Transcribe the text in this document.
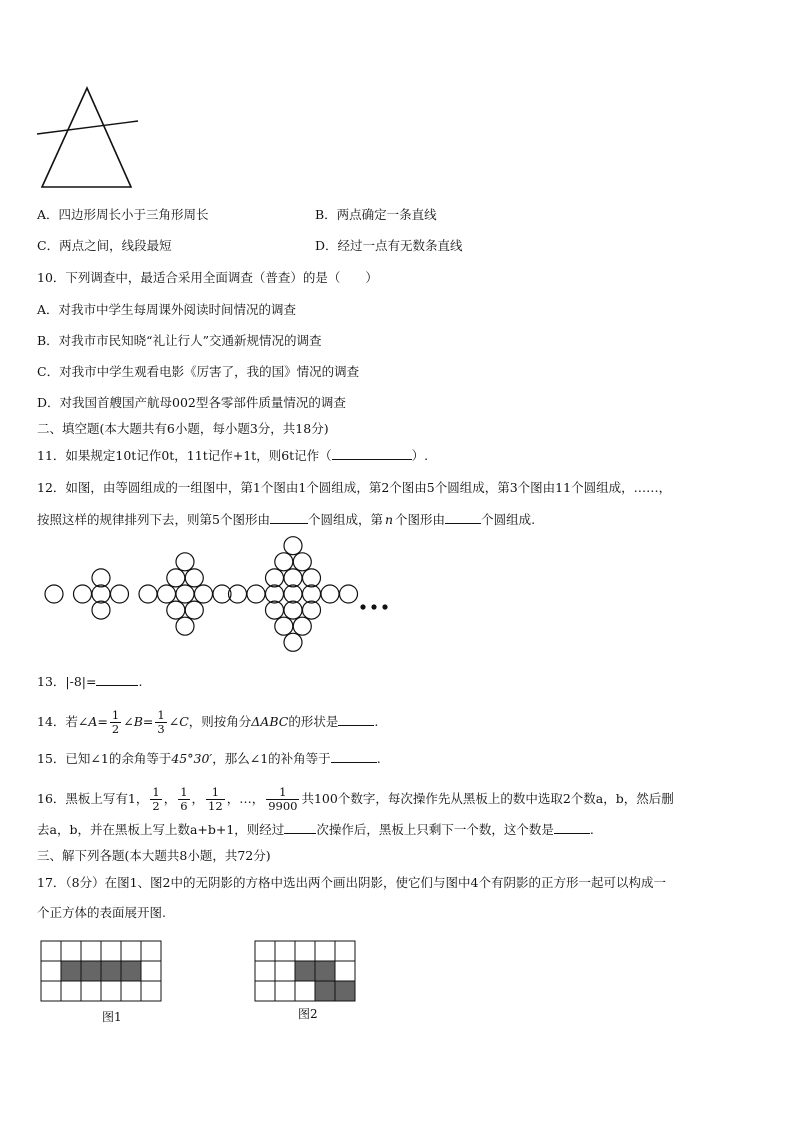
A．四边形周长小于三角形周长	B．两点确定一条直线
C．两点之间，线段最短	D．经过一点有无数条直线
10．下列调查中，最适合采用全面调查（普查）的是（　　）
A．对我市中学生每周课外阅读时间情况的调查
B．对我市市民知晓“礼让行人”交通新规情况的调查
C．对我市中学生观看电影《厉害了，我的国》情况的调查
D．对我国首艘国产航母002型各零部件质量情况的调查
二、填空题(本大题共有6小题，每小题3分，共18分)
11．如果规定10t记作0t，11t记作+1t，则6t记作（	）.
12．如图，由等圆组成的一组图中，第1个图由1个圆组成，第2个图由5个圆组成，第3个图由11个圆组成，……，
按照这样的规律排列下去，则第5个图形由	个圆组成，第 n 个图形由	个圆组成.
13．|-8|=	.
14．若∠A= $\frac{1}{2}$ ∠B= $\frac{1}{3}$ ∠C，则按角分ΔABC的形状是	.
15．已知∠1的余角等于45°30′，那么∠1的补角等于	.
16．黑板上写有1， $\frac{1}{2}$ ， $\frac{1}{6}$ ， $\frac{1}{12}$ ，…， $\frac{1}{9900}$ 共100个数字，每次操作先从黑板上的数中选取2个数a，b，然后删
去a，b，并在黑板上写上数a+b+1，则经过	次操作后，黑板上只剩下一个数，这个数是	.
三、解下列各题(本大题共8小题，共72分)
17．（8分）在图1、图2中的无阴影的方格中选出两个画出阴影，使它们与图中4个有阴影的正方形一起可以构成一
个正方体的表面展开图.
图1	图2
